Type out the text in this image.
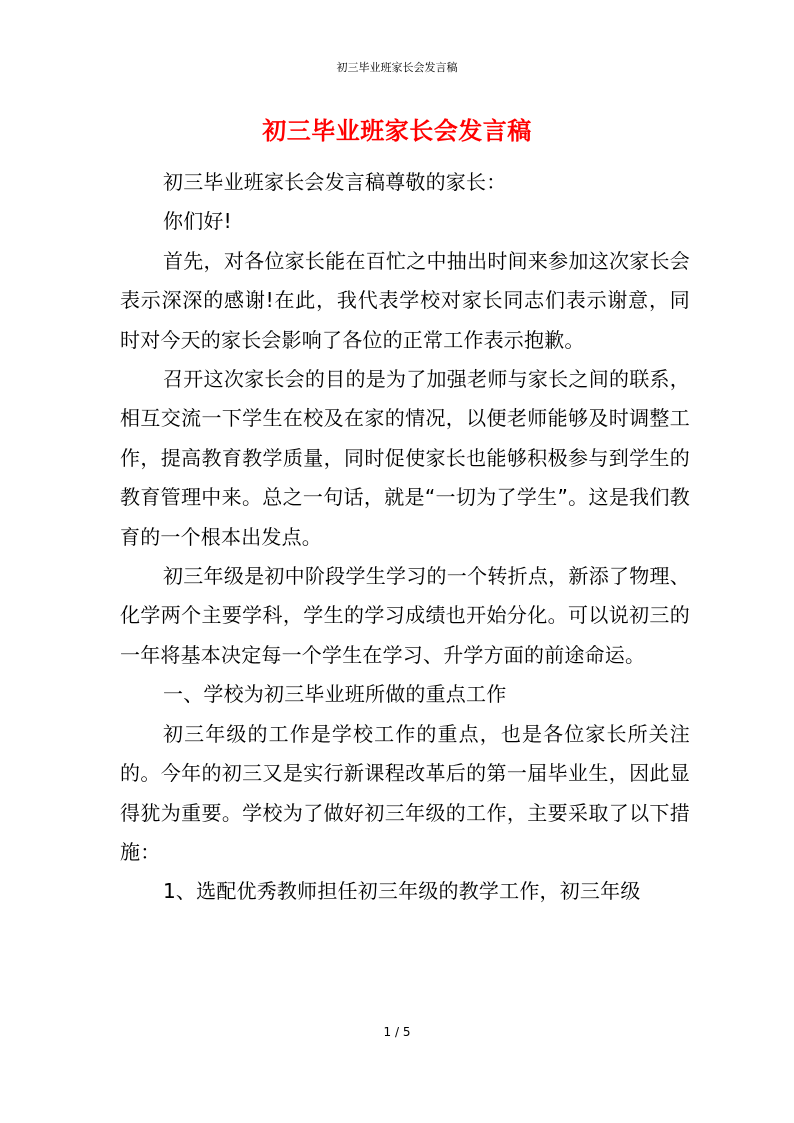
初三毕业班家长会发言稿
初三毕业班家长会发言稿

初三毕业班家长会发言稿尊敬的家长：

你们好!

首先，对各位家长能在百忙之中抽出时间来参加这次家长会表示深深的感谢!在此，我代表学校对家长同志们表示谢意，同时对今天的家长会影响了各位的正常工作表示抱歉。

召开这次家长会的目的是为了加强老师与家长之间的联系，相互交流一下学生在校及在家的情况，以便老师能够及时调整工作，提高教育教学质量，同时促使家长也能够积极参与到学生的教育管理中来。总之一句话，就是“一切为了学生”。这是我们教育的一个根本出发点。

初三年级是初中阶段学生学习的一个转折点，新添了物理、化学两个主要学科，学生的学习成绩也开始分化。可以说初三的一年将基本决定每一个学生在学习、升学方面的前途命运。

一、学校为初三毕业班所做的重点工作

初三年级的工作是学校工作的重点，也是各位家长所关注的。今年的初三又是实行新课程改革后的第一届毕业生，因此显得犹为重要。学校为了做好初三年级的工作，主要采取了以下措施：

1、选配优秀教师担任初三年级的教学工作，初三年级

1 / 5
